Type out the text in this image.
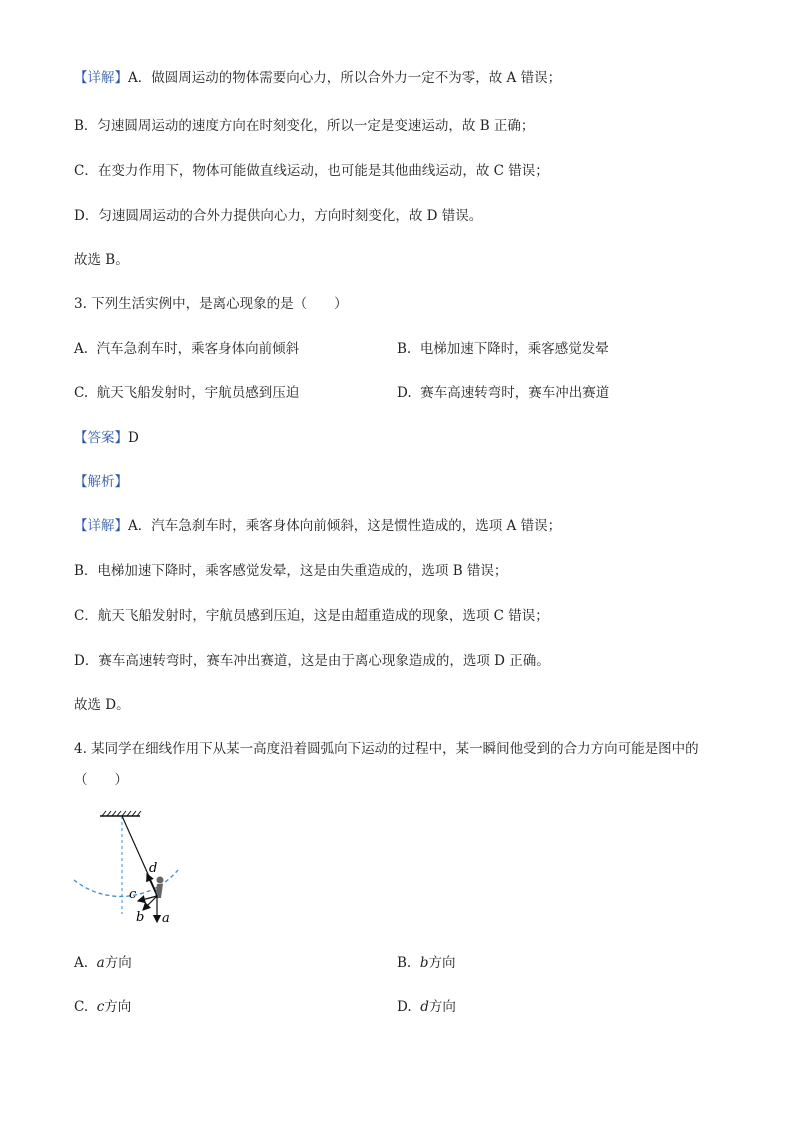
【详解】A．做圆周运动的物体需要向心力，所以合外力一定不为零，故 A 错误；
B．匀速圆周运动的速度方向在时刻变化，所以一定是变速运动，故 B 正确；
C．在变力作用下，物体可能做直线运动，也可能是其他曲线运动，故 C 错误；
D．匀速圆周运动的合外力提供向心力，方向时刻变化，故 D 错误。
故选 B。
3. 下列生活实例中，是离心现象的是（　　）
A. 汽车急刹车时，乘客身体向前倾斜	B. 电梯加速下降时，乘客感觉发晕
C. 航天飞船发射时，宇航员感到压迫	D. 赛车高速转弯时，赛车冲出赛道
【答案】D
【解析】
【详解】A．汽车急刹车时，乘客身体向前倾斜，这是惯性造成的，选项 A 错误；
B．电梯加速下降时，乘客感觉发晕，这是由失重造成的，选项 B 错误；
C．航天飞船发射时，宇航员感到压迫，这是由超重造成的现象，选项 C 错误；
D．赛车高速转弯时，赛车冲出赛道，这是由于离心现象造成的，选项 D 正确。
故选 D。
4. 某同学在细线作用下从某一高度沿着圆弧向下运动的过程中，某一瞬间他受到的合力方向可能是图中的
（　　）
a
b
c
d
A. a方向	B. b方向
C. c方向	D. d方向
